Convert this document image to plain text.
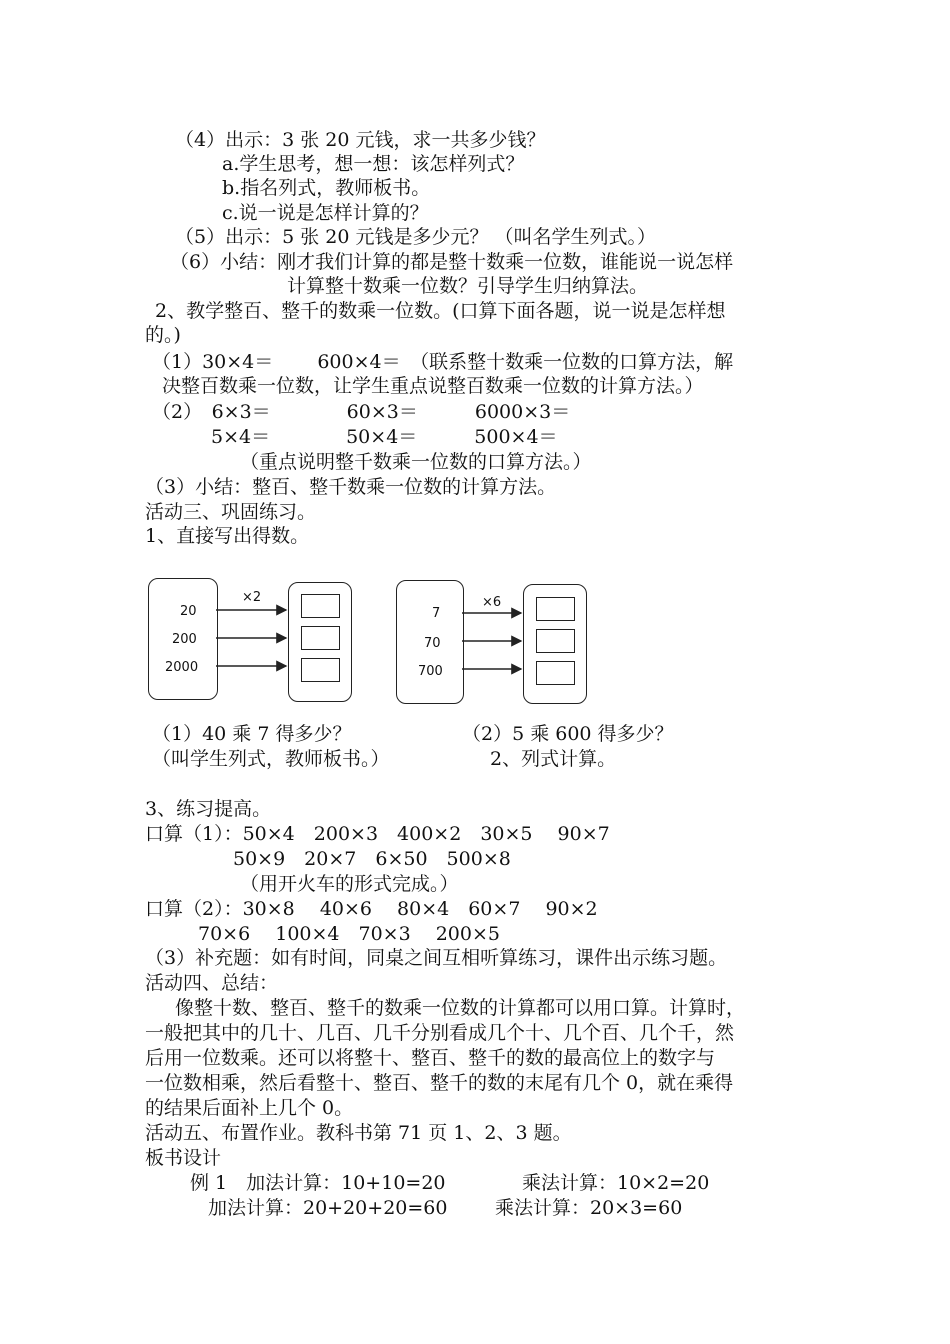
（4）出示：3 张 20 元钱，求一共多少钱？
a.学生思考，想一想：该怎样列式？
b.指名列式，教师板书。
c.说一说是怎样计算的？
（5）出示：5 张 20 元钱是多少元？ （叫名学生列式。）
（6）小结：刚才我们计算的都是整十数乘一位数，谁能说一说怎样
计算整十数乘一位数？引导学生归纳算法。
2、教学整百、整千的数乘一位数。(口算下面各题，说一说是怎样想
的。)
（1）30×4＝　　 600×4＝　（联系整十数乘一位数的口算方法，解
决整百数乘一位数，让学生重点说整百数乘一位数的计算方法。）
（2）　6×3＝　　　　60×3＝　　　6000×3＝
5×4＝　　　　50×4＝　　　500×4＝
（重点说明整千数乘一位数的口算方法。）
（3）小结：整百、整千数乘一位数的计算方法。
活动三、巩固练习。
1、直接写出得数。
20
200
2000
×2
7
70
700
×6
（1）40 乘 7 得多少？	（2）5 乘 600 得多少？
（叫学生列式，教师板书。）	2、列式计算。
3、练习提高。
口算（1）：50×4　200×3　400×2　30×5　 90×7
50×9　20×7　6×50　500×8
（用开火车的形式完成。）
口算（2）：30×8　 40×6　 80×4　60×7　 90×2
70×6　 100×4　70×3　 200×5
（3）补充题：如有时间，同桌之间互相听算练习，课件出示练习题。
活动四、总结：
像整十数、整百、整千的数乘一位数的计算都可以用口算。计算时，
一般把其中的几十、几百、几千分别看成几个十、几个百、几个千，然
后用一位数乘。还可以将整十、整百、整千的数的最高位上的数字与
一位数相乘，然后看整十、整百、整千的数的末尾有几个 0，就在乘得
的结果后面补上几个 0。
活动五、布置作业。教科书第 71 页 1、2、3 题。
板书设计
例 1　加法计算：10+10=20	乘法计算：10×2=20
加法计算：20+20+20=60	乘法计算：20×3=60
